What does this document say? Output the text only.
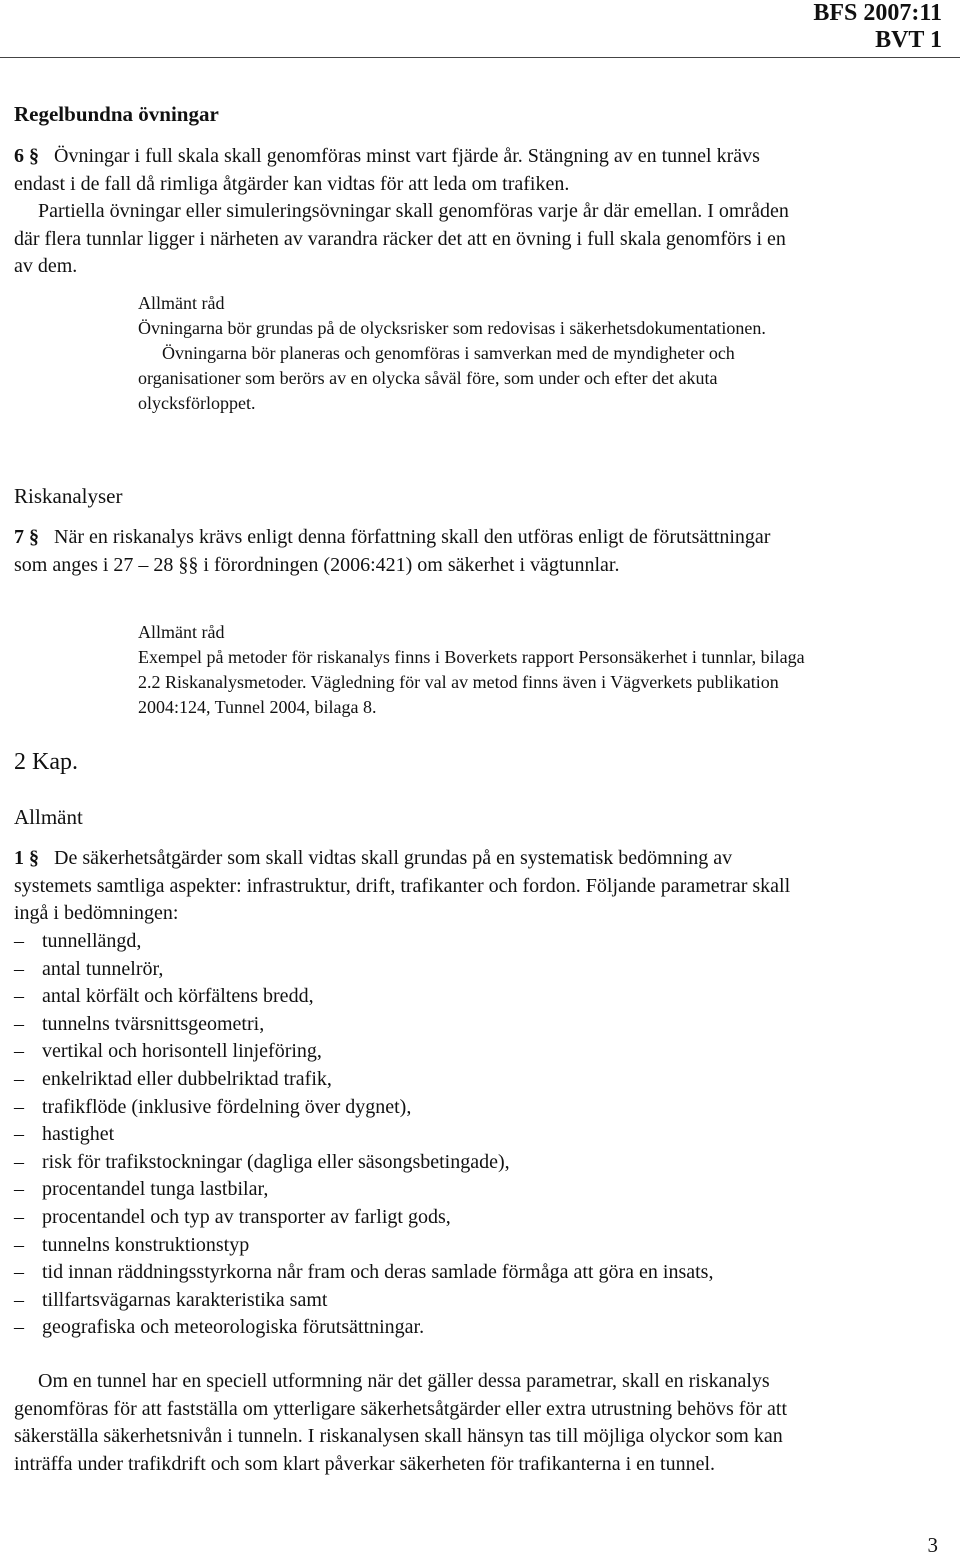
BFS 2007:11
BVT 1
Regelbundna övningar
6 § Övningar i full skala skall genomföras minst vart fjärde år. Stängning av en tunnel krävs endast i de fall då rimliga åtgärder kan vidtas för att leda om trafiken.
Partiella övningar eller simuleringsövningar skall genomföras varje år där emellan. I områden där flera tunnlar ligger i närheten av varandra räcker det att en övning i full skala genomförs i en av dem.
Allmänt råd
Övningarna bör grundas på de olycksrisker som redovisas i säkerhetsdokumentationen.
Övningarna bör planeras och genomföras i samverkan med de myndigheter och organisationer som berörs av en olycka såväl före, som under och efter det akuta olycksförloppet.
Riskanalyser
7 § När en riskanalys krävs enligt denna författning skall den utföras enligt de förutsättningar som anges i 27 – 28 §§ i förordningen (2006:421) om säkerhet i vägtunnlar.
Allmänt råd
Exempel på metoder för riskanalys finns i Boverkets rapport Personsäkerhet i tunnlar, bilaga 2.2 Riskanalysmetoder. Vägledning för val av metod finns även i Vägverkets publikation 2004:124, Tunnel 2004, bilaga 8.
2 Kap.
Allmänt
1 § De säkerhetsåtgärder som skall vidtas skall grundas på en systematisk bedömning av systemets samtliga aspekter: infrastruktur, drift, trafikanter och fordon. Följande parametrar skall ingå i bedömningen:
– tunnellängd,
– antal tunnelrör,
– antal körfält och körfältens bredd,
– tunnelns tvärsnittsgeometri,
– vertikal och horisontell linjeföring,
– enkelriktad eller dubbelriktad trafik,
– trafikflöde (inklusive fördelning över dygnet),
– hastighet
– risk för trafikstockningar (dagliga eller säsongsbetingade),
– procentandel tunga lastbilar,
– procentandel och typ av transporter av farligt gods,
– tunnelns konstruktionstyp
– tid innan räddningsstyrkorna når fram och deras samlade förmåga att göra en insats,
– tillfartsvägarnas karakteristika samt
– geografiska och meteorologiska förutsättningar.
Om en tunnel har en speciell utformning när det gäller dessa parametrar, skall en riskanalys genomföras för att fastställa om ytterligare säkerhetsåtgärder eller extra utrustning behövs för att säkerställa säkerhetsnivån i tunneln. I riskanalysen skall hänsyn tas till möjliga olyckor som kan inträffa under trafikdrift och som klart påverkar säkerheten för trafikanterna i en tunnel.
3
